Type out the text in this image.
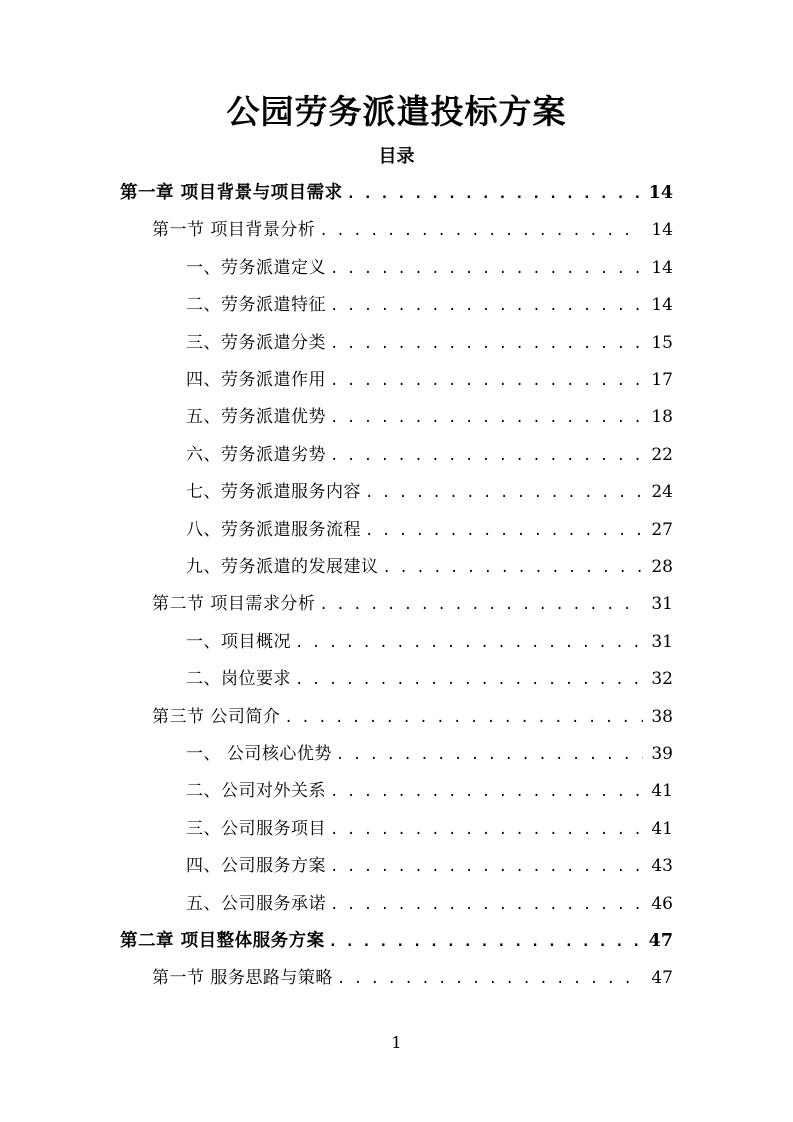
公园劳务派遣投标方案
目录
第一章 项目背景与项目需求 . . .	14
第一节 项目背景分析 . . .	14
一、劳务派遣定义 . . .	14
二、劳务派遣特征 . . .	14
三、劳务派遣分类 . . .	15
四、劳务派遣作用 . . .	17
五、劳务派遣优势 . . .	18
六、劳务派遣劣势 . . .	22
七、劳务派遣服务内容 . . .	24
八、劳务派遣服务流程 . . .	27
九、劳务派遣的发展建议 . . .	28
第二节 项目需求分析 . . .	31
一、项目概况 . . .	31
二、岗位要求 . . .	32
第三节 公司简介 . . .	38
一、 公司核心优势 . . .	39
二、公司对外关系 . . .	41
三、公司服务项目 . . .	41
四、公司服务方案 . . .	43
五、公司服务承诺 . . .	46
第二章 项目整体服务方案 . . .	47
第一节 服务思路与策略 . . .	47
1
